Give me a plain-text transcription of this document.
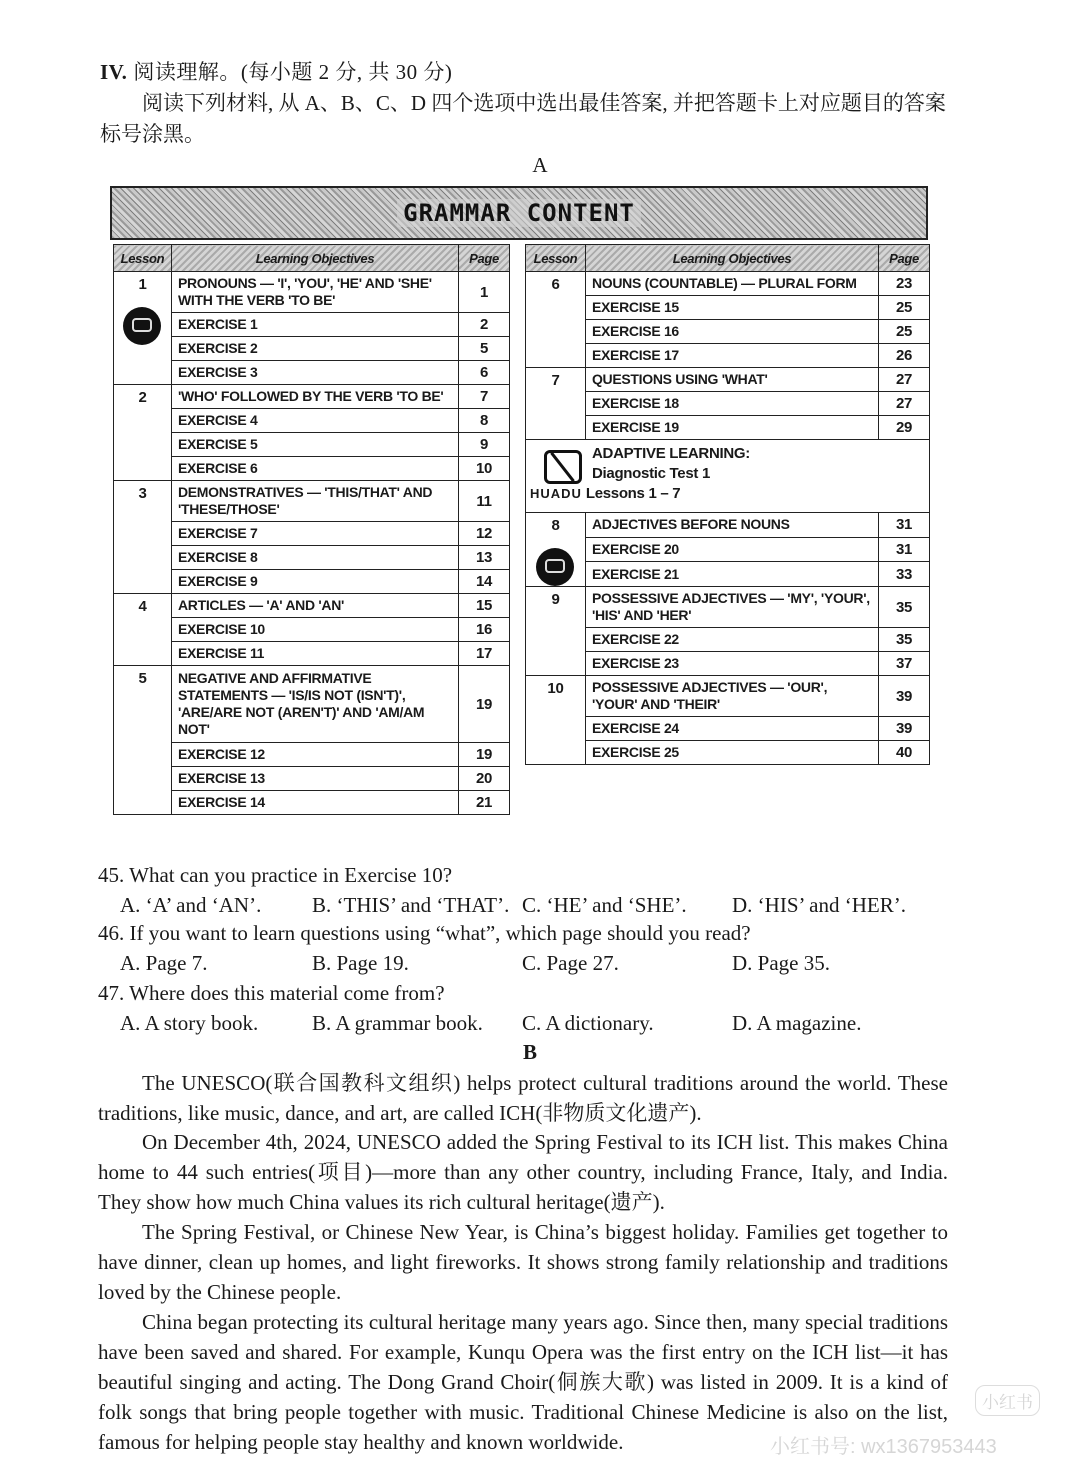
IV. 阅读理解。(每小题 2 分, 共 30 分)
阅读下列材料, 从 A、B、C、D 四个选项中选出最佳答案, 并把答题卡上对应题目的答案标号涂黑。
A
GRAMMAR CONTENT
Lesson	Learning Objectives	Page
1	PRONOUNS — 'I', 'YOU', 'HE' AND 'SHE' WITH THE VERB 'TO BE'	1
	EXERCISE 1	2
	EXERCISE 2	5
	EXERCISE 3	6
2	'WHO' FOLLOWED BY THE VERB 'TO BE'	7
	EXERCISE 4	8
	EXERCISE 5	9
	EXERCISE 6	10
3	DEMONSTRATIVES — 'THIS/THAT' AND 'THESE/THOSE'	11
	EXERCISE 7	12
	EXERCISE 8	13
	EXERCISE 9	14
4	ARTICLES — 'A' AND 'AN'	15
	EXERCISE 10	16
	EXERCISE 11	17
5	NEGATIVE AND AFFIRMATIVE STATEMENTS — 'IS/IS NOT (ISN'T)', 'ARE/ARE NOT (AREN'T)' AND 'AM/AM NOT'	19
	EXERCISE 12	19
	EXERCISE 13	20
	EXERCISE 14	21
Lesson	Learning Objectives	Page
6	NOUNS (COUNTABLE) — PLURAL FORM	23
	EXERCISE 15	25
	EXERCISE 16	25
	EXERCISE 17	26
7	QUESTIONS USING 'WHAT'	27
	EXERCISE 18	27
	EXERCISE 19	29

ADAPTIVE LEARNING:
Diagnostic Test 1
HUADU Lessons 1 – 7		

8	ADJECTIVES BEFORE NOUNS	31
	EXERCISE 20	31
	EXERCISE 21	33
9	POSSESSIVE ADJECTIVES — 'MY', 'YOUR', 'HIS' AND 'HER'	35
	EXERCISE 22	35
	EXERCISE 23	37
10	POSSESSIVE ADJECTIVES — 'OUR', 'YOUR' AND 'THEIR'	39
	EXERCISE 24	39
	EXERCISE 25	40
45. What can you practice in Exercise 10?
A. ‘A’ and ‘AN’. B. ‘THIS’ and ‘THAT’. C. ‘HE’ and ‘SHE’. D. ‘HIS’ and ‘HER’.
46. If you want to learn questions using “what”, which page should you read?
A. Page 7.	B. Page 19.	C. Page 27.	D. Page 35.
47. Where does this material come from?
A. A story book.	B. A grammar book. C. A dictionary.	D. A magazine.
B
The UNESCO(联合国教科文组织) helps protect cultural traditions around the world. These traditions, like music, dance, and art, are called ICH(非物质文化遗产).
On December 4th, 2024, UNESCO added the Spring Festival to its ICH list. This makes China home to 44 such entries(项目)—more than any other country, including France, Italy, and India. They show how much China values its rich cultural heritage(遗产).
The Spring Festival, or Chinese New Year, is China’s biggest holiday. Families get together to have dinner, clean up homes, and light fireworks. It shows strong family relationship and traditions loved by the Chinese people.
China began protecting its cultural heritage many years ago. Since then, many special traditions have been saved and shared. For example, Kunqu Opera was the first entry on the ICH list—it has beautiful singing and acting. The Dong Grand Choir(侗族大歌) was listed in 2009. It is a kind of folk songs that bring people together with music. Traditional Chinese Medicine is also on the list, famous for helping people stay healthy and known worldwide.
小红书
小红书号: wx1367953443
